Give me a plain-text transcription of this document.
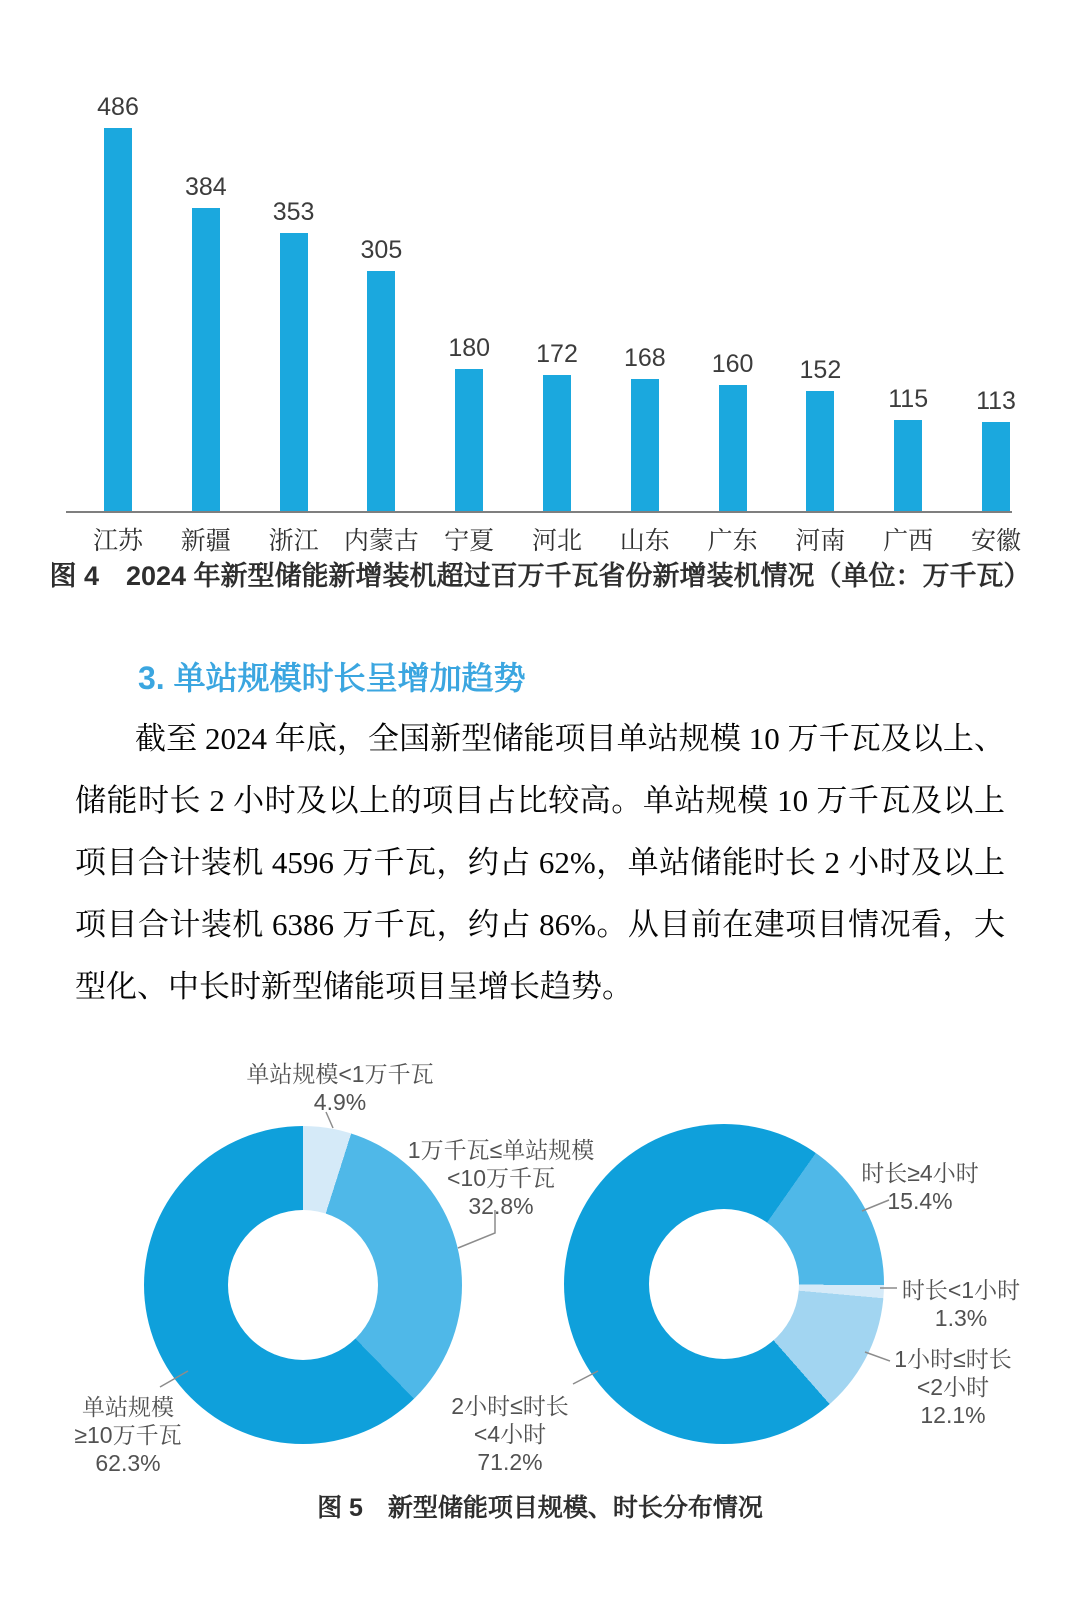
486
江苏
384
新疆
353
浙江
305
内蒙古
180
宁夏
172
河北
168
山东
160
广东
152
河南
115
广西
113
安徽
图 4　2024 年新型储能新增装机超过百万千瓦省份新增装机情况（单位：万千瓦）
3. 单站规模时长呈增加趋势
截至 2024 年底，全国新型储能项目单站规模 10 万千瓦及以上、
储能时长 2 小时及以上的项目占比较高。单站规模 10 万千瓦及以上
项目合计装机 4596 万千瓦，约占 62%，单站储能时长 2 小时及以上
项目合计装机 6386 万千瓦，约占 86%。从目前在建项目情况看，大
型化、中长时新型储能项目呈增长趋势。
单站规模<1万千瓦
4.9%
1万千瓦≤单站规模
<10万千瓦
32.8%
单站规模
≥10万千瓦
62.3%
时长≥4小时
15.4%
时长<1小时
1.3%
1小时≤时长
<2小时
12.1%
2小时≤时长
<4小时
71.2%
图 5　新型储能项目规模、时长分布情况
